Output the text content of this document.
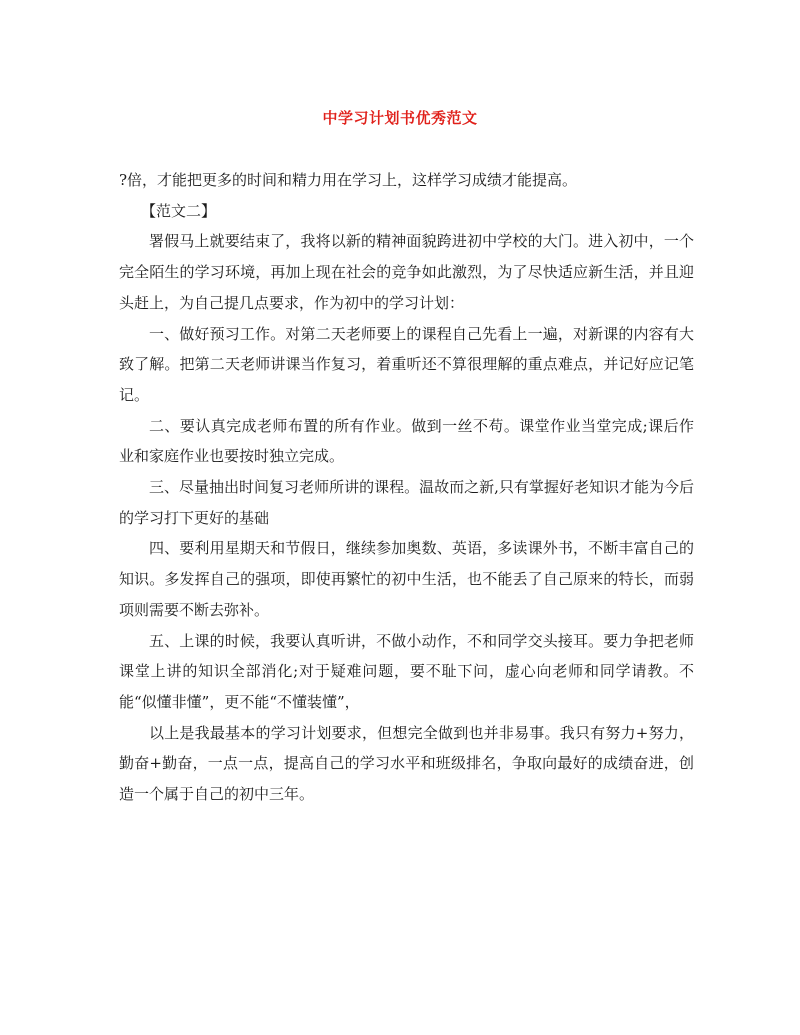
中学习计划书优秀范文

?倍，才能把更多的时间和精力用在学习上，这样学习成绩才能提高。

【范文二】

署假马上就要结束了，我将以新的精神面貌跨进初中学校的大门。进入初中，一个完全陌生的学习环境，再加上现在社会的竞争如此激烈，为了尽快适应新生活，并且迎头赶上，为自己提几点要求，作为初中的学习计划：

一、做好预习工作。对第二天老师要上的课程自己先看上一遍，对新课的内容有大致了解。把第二天老师讲课当作复习，着重听还不算很理解的重点难点，并记好应记笔记。

二、要认真完成老师布置的所有作业。做到一丝不苟。课堂作业当堂完成;课后作业和家庭作业也要按时独立完成。

三、尽量抽出时间复习老师所讲的课程。温故而之新,只有掌握好老知识才能为今后的学习打下更好的基础

四、要利用星期天和节假日，继续参加奥数、英语，多读课外书，不断丰富自己的知识。多发挥自己的强项，即使再繁忙的初中生活，也不能丢了自己原来的特长，而弱项则需要不断去弥补。

五、上课的时候，我要认真听讲，不做小动作，不和同学交头接耳。要力争把老师课堂上讲的知识全部消化;对于疑难问题，要不耻下问，虚心向老师和同学请教。不能“似懂非懂”，更不能“不懂装懂”，

以上是我最基本的学习计划要求，但想完全做到也并非易事。我只有努力+努力，勤奋+勤奋，一点一点，提高自己的学习水平和班级排名，争取向最好的成绩奋进，创造一个属于自己的初中三年。
